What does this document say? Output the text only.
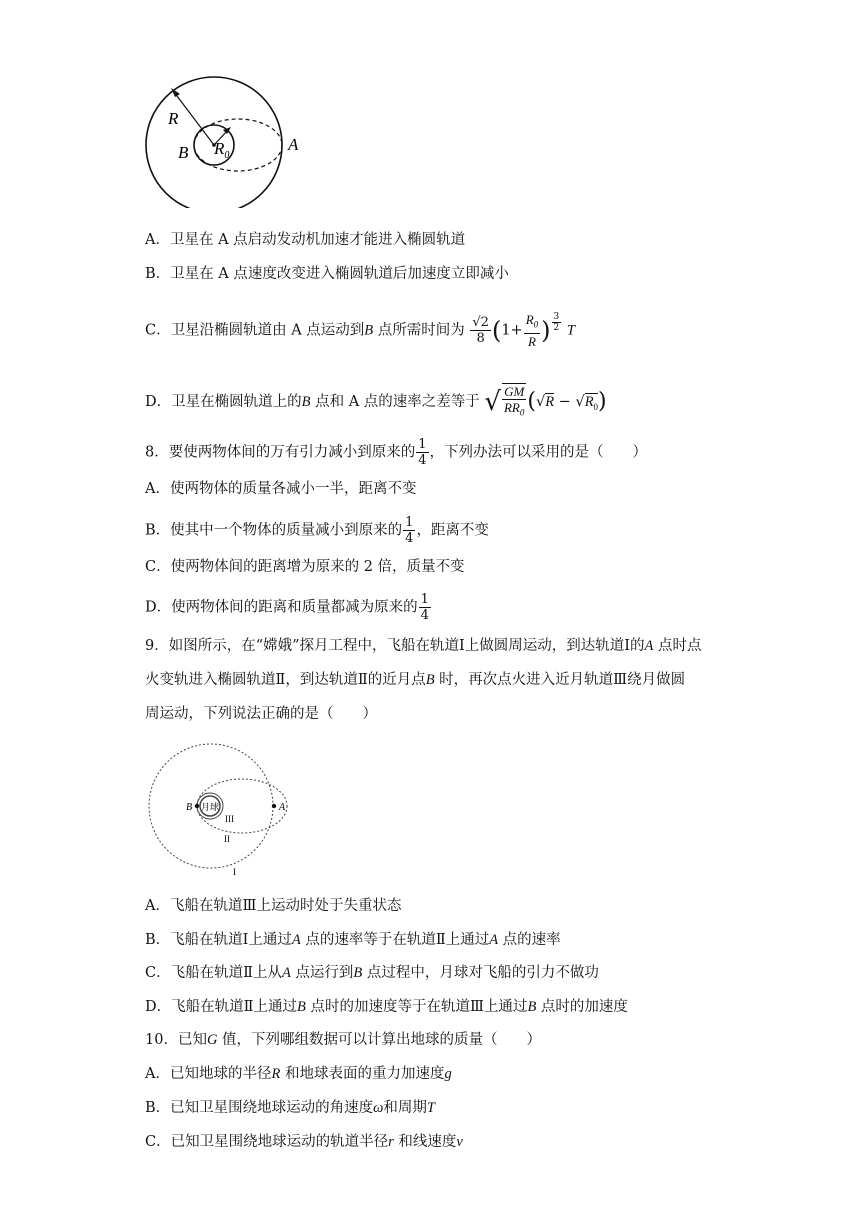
R
B	A
$R_0$
A．卫星在 A 点启动发动机加速才能进入椭圆轨道
B．卫星在 A 点速度改变进入椭圆轨道后加速度立即减小
C．卫星沿椭圆轨道由 A 点运动到B 点所需时间为 $\frac{√2}{8} (1+ \frac{R_0}{R}$ ) $^{\frac{3}{2}}$ T
D．卫星在椭圆轨道上的B 点和 A 点的速率之差等于 √ $\frac{GM}{RR_0} (√R - √R_0)$
8．要使两物体间的万有引力减小到原来的 $\frac{1}{4}$ ，下列办法可以采用的是（　　）
A．使两物体的质量各减小一半，距离不变
B．使其中一个物体的质量减小到原来的 $\frac{1}{4}$ ，距离不变
C．使两物体间的距离增为原来的 2 倍，质量不变
D．使两物体间的距离和质量都减为原来的 $\frac{1}{4}$
9．如图所示，在“嫦娥”探月工程中，飞船在轨道Ⅰ上做圆周运动，到达轨道Ⅰ的A 点时点
火变轨进入椭圆轨道Ⅱ，到达轨道Ⅱ的近月点B 时，再次点火进入近月轨道Ⅲ绕月做圆
周运动，下列说法正确的是（　　）
B 月球	A
III
II
I
A．飞船在轨道Ⅲ上运动时处于失重状态
B．飞船在轨道Ⅰ上通过A 点的速率等于在轨道Ⅱ上通过A 点的速率
C．飞船在轨道Ⅱ上从A 点运行到B 点过程中，月球对飞船的引力不做功
D．飞船在轨道Ⅱ上通过B 点时的加速度等于在轨道Ⅲ上通过B 点时的加速度
10．已知G 值，下列哪组数据可以计算出地球的质量（　　）
A．已知地球的半径R 和地球表面的重力加速度g
B．已知卫星围绕地球运动的角速度ω和周期T
C．已知卫星围绕地球运动的轨道半径r 和线速度v
